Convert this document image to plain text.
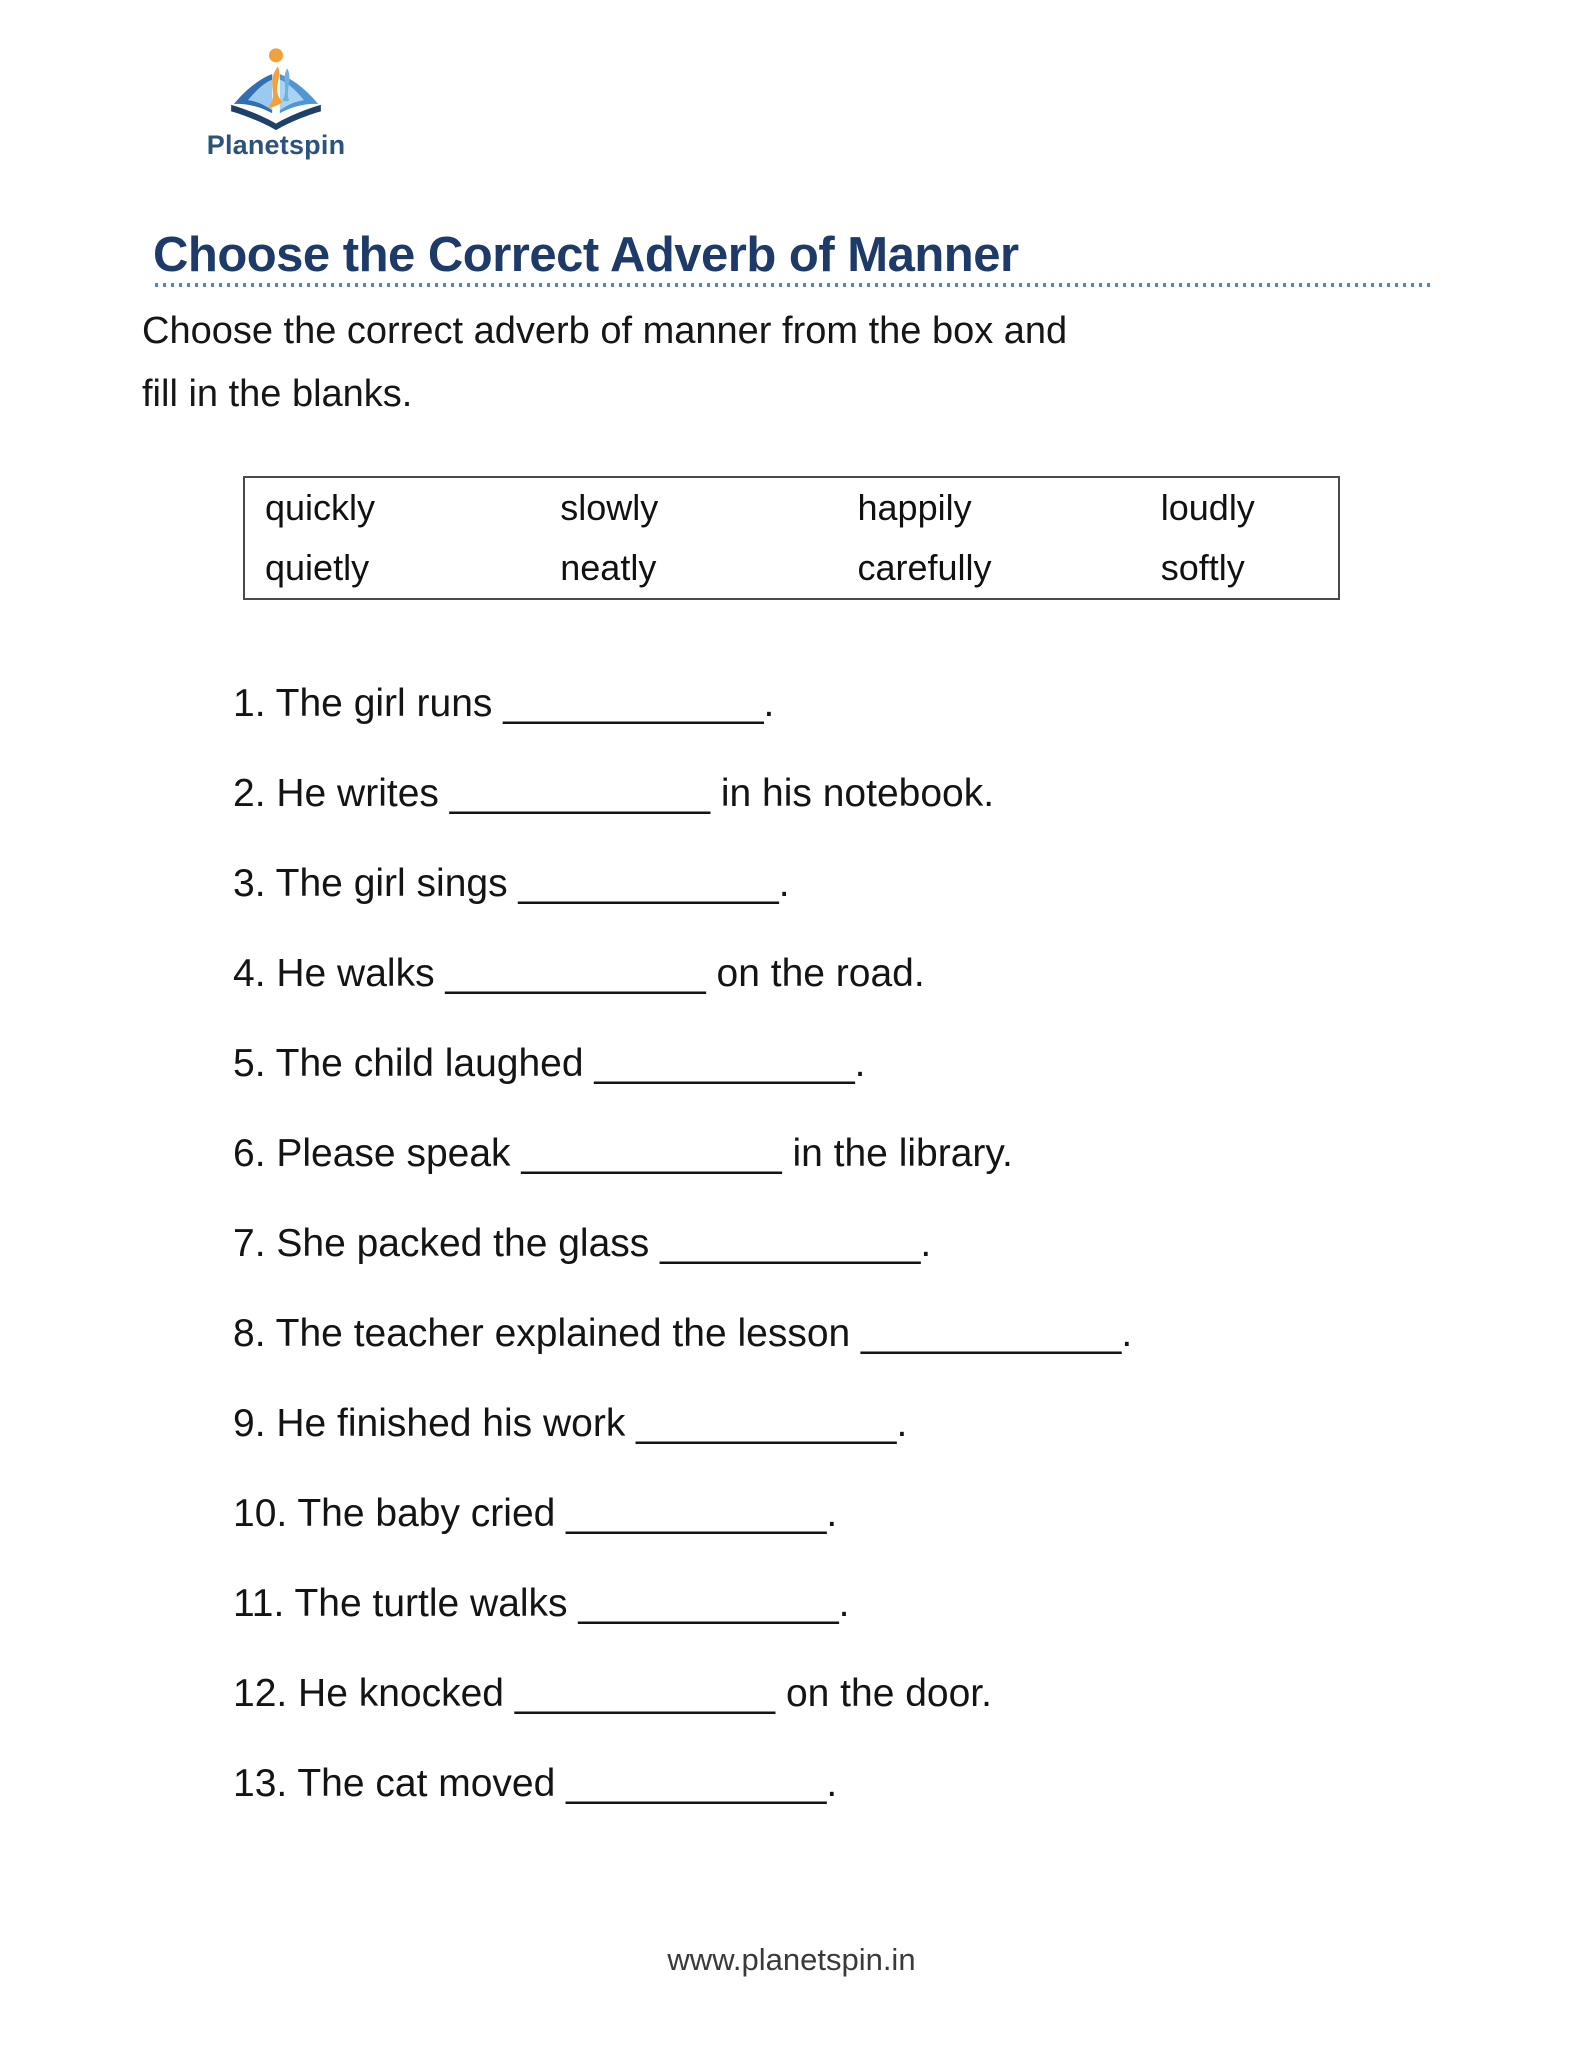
Planetspin
Choose the Correct Adverb of Manner
Choose the correct adverb of manner from the box and
fill in the blanks.
quickly	slowly	happily	loudly
quietly	neatly	carefully	softly
1. The girl runs ____________.
2. He writes ____________ in his notebook.
3. The girl sings ____________.
4. He walks ____________ on the road.
5. The child laughed ____________.
6. Please speak ____________ in the library.
7. She packed the glass ____________.
8. The teacher explained the lesson ____________.
9. He finished his work ____________.
10. The baby cried ____________.
11. The turtle walks ____________.
12. He knocked ____________ on the door.
13. The cat moved ____________.
www.planetspin.in
